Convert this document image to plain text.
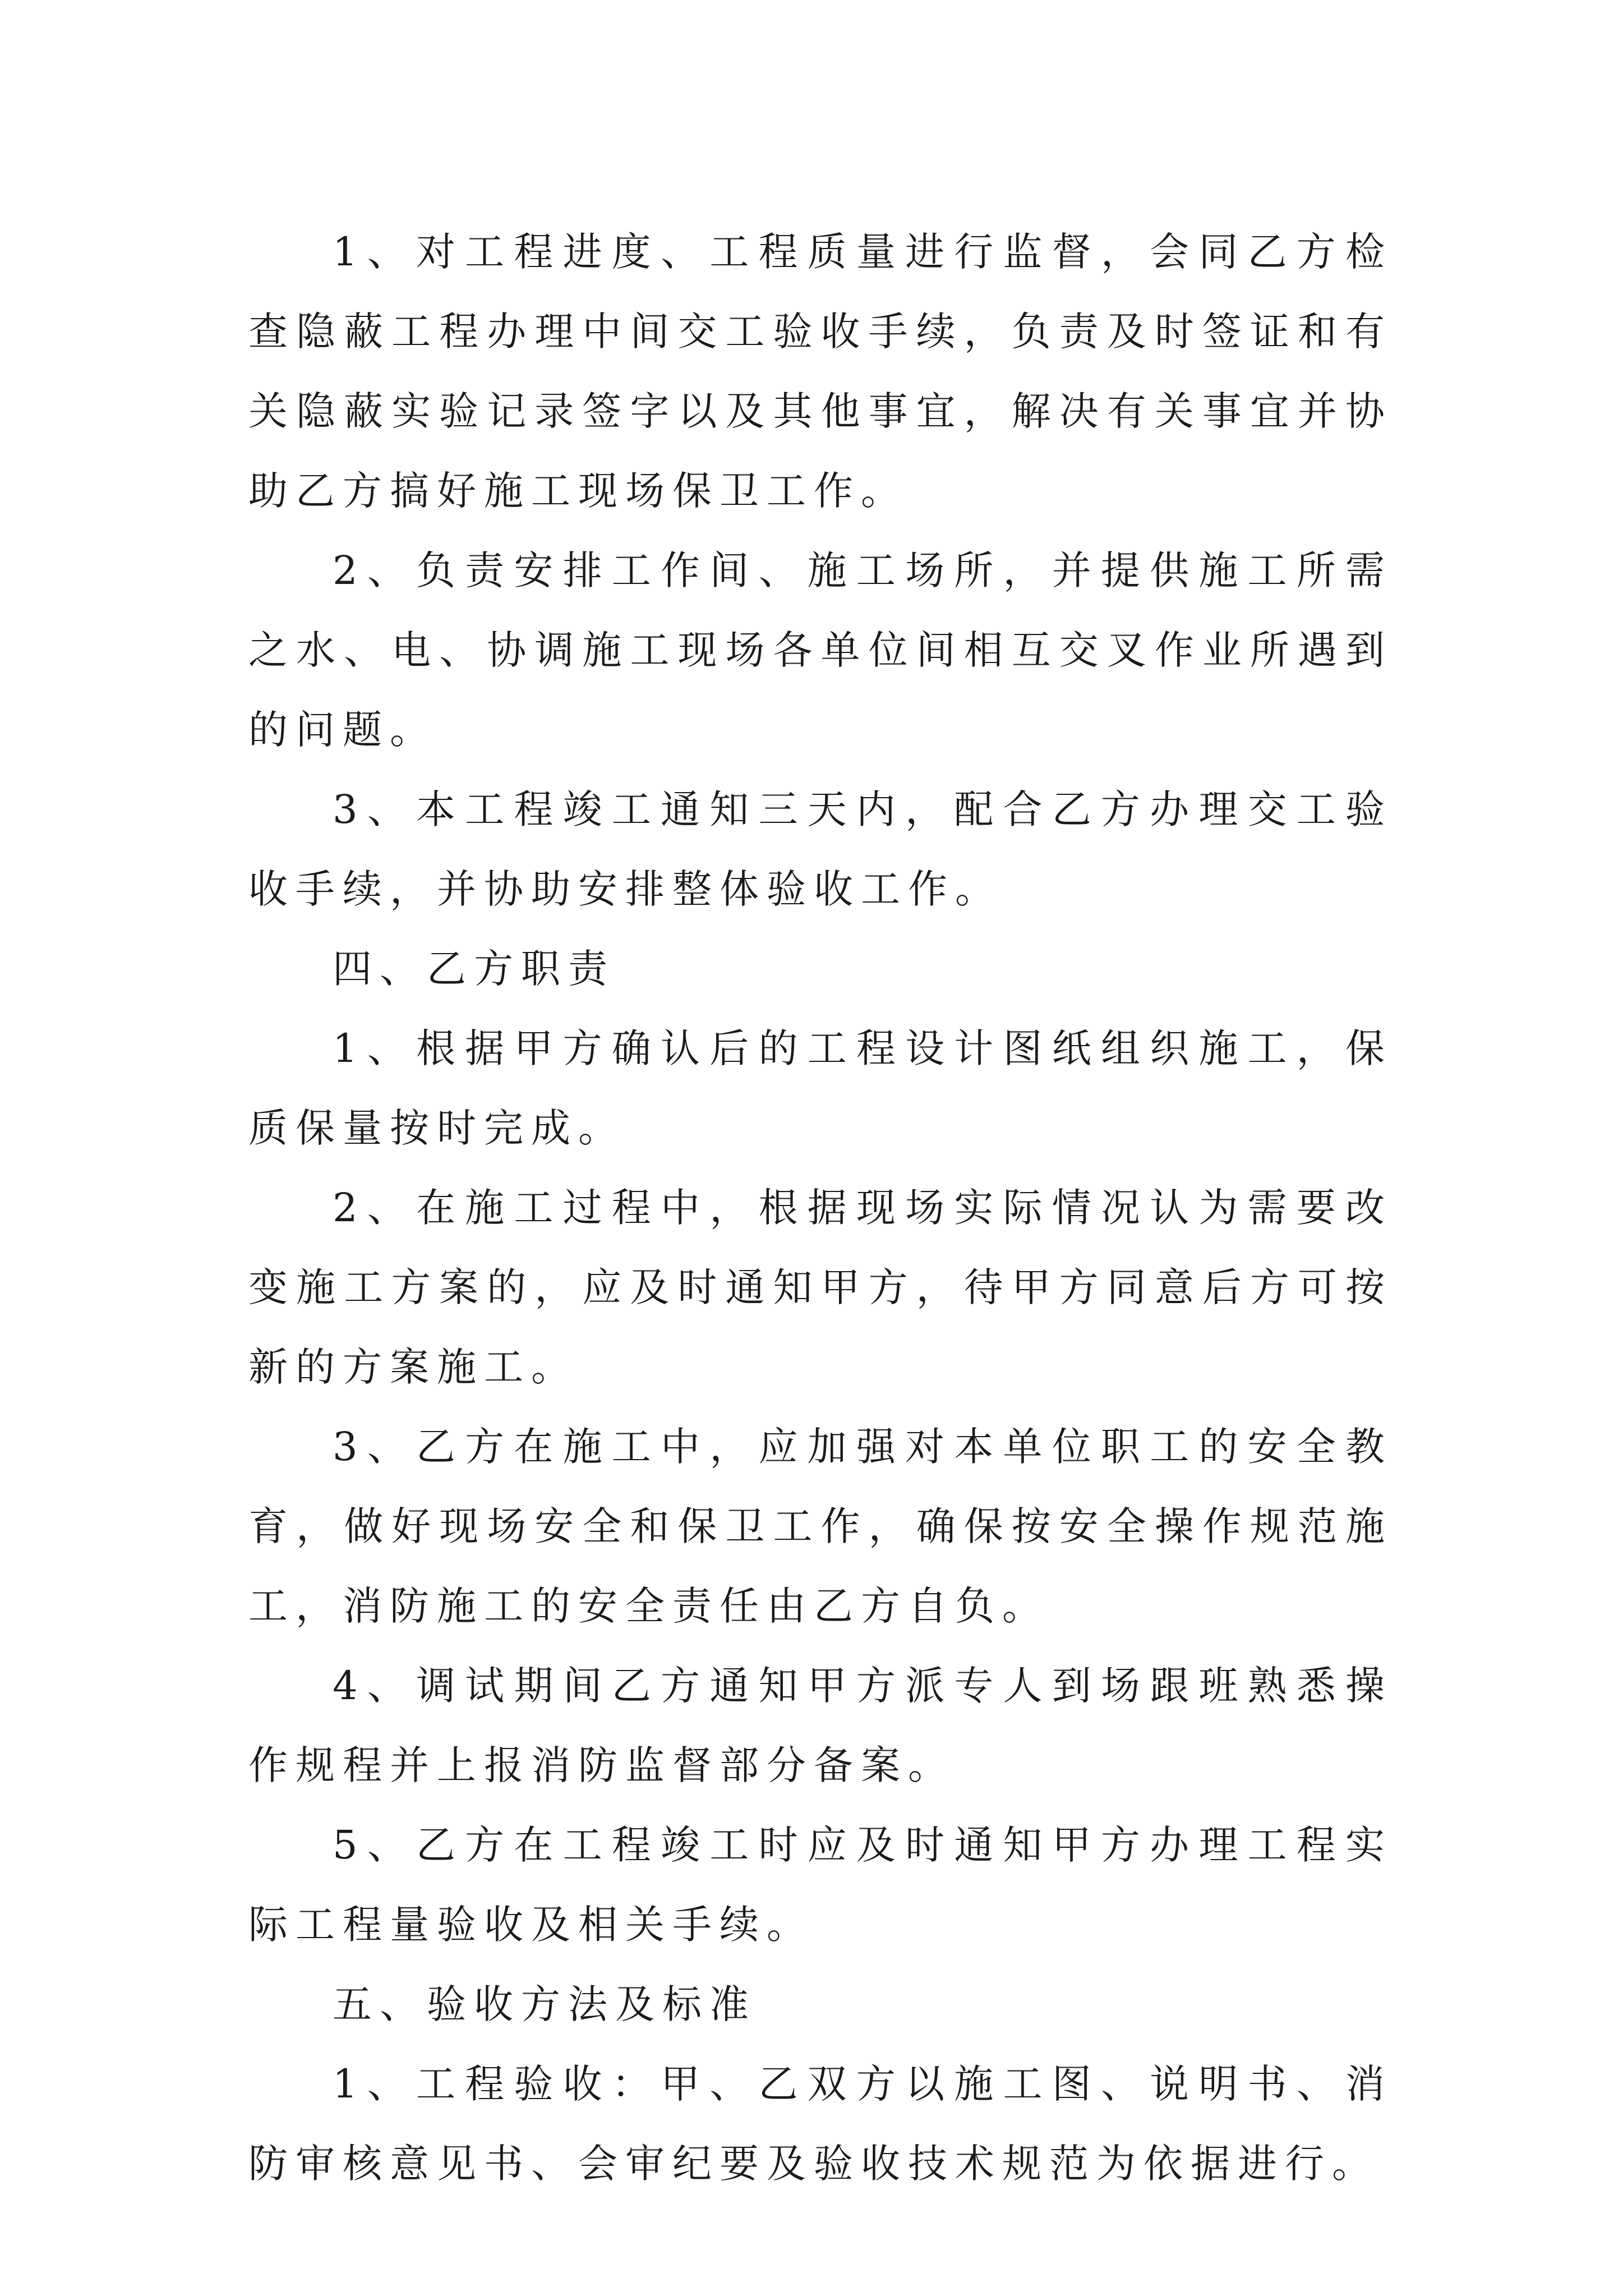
1、对工程进度、工程质量进行监督，会同乙方检查隐蔽工程办理中间交工验收手续，负责及时签证和有关隐蔽实验记录签字以及其他事宜，解决有关事宜并协助乙方搞好施工现场保卫工作。

2、负责安排工作间、施工场所，并提供施工所需之水、电、协调施工现场各单位间相互交叉作业所遇到的问题。

3、本工程竣工通知三天内，配合乙方办理交工验收手续，并协助安排整体验收工作。

四、乙方职责

1、根据甲方确认后的工程设计图纸组织施工，保质保量按时完成。

2、在施工过程中，根据现场实际情况认为需要改变施工方案的，应及时通知甲方，待甲方同意后方可按新的方案施工。

3、乙方在施工中，应加强对本单位职工的安全教育，做好现场安全和保卫工作，确保按安全操作规范施工，消防施工的安全责任由乙方自负。

4、调试期间乙方通知甲方派专人到场跟班熟悉操作规程并上报消防监督部分备案。

5、乙方在工程竣工时应及时通知甲方办理工程实际工程量验收及相关手续。

五、验收方法及标准

1、工程验收：甲、乙双方以施工图、说明书、消防审核意见书、会审纪要及验收技术规范为依据进行。
